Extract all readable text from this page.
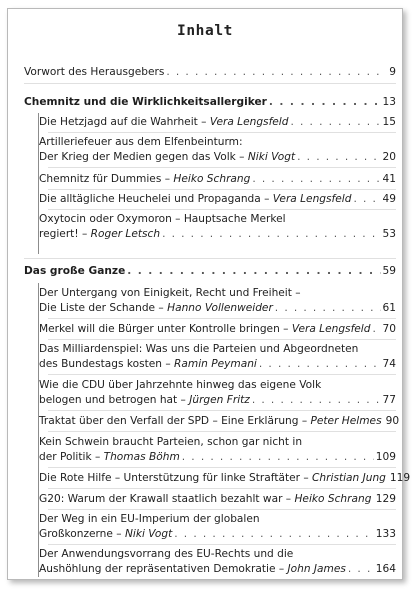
Inhalt
Vorwort des Herausgebers . . .	9
Chemnitz und die Wirklichkeitsallergiker . . .	13
Die Hetzjagd auf die Wahrheit – Vera Lengsfeld . . .	15
Artilleriefeuer aus dem Elfenbeinturm:
Der Krieg der Medien gegen das Volk – Niki Vogt . . .	20
Chemnitz für Dummies – Heiko Schrang . . .	41
Die alltägliche Heuchelei und Propaganda – Vera Lengsfeld . . .	49
Oxytocin oder Oxymoron – Hauptsache Merkel
regiert! – Roger Letsch . . .	53
Das große Ganze . . .	59
Der Untergang von Einigkeit, Recht und Freiheit –
Die Liste der Schande – Hanno Vollenweider . . .	61
Merkel will die Bürger unter Kontrolle bringen – Vera Lengsfeld . . . 70
Das Milliardenspiel: Was uns die Parteien und Abgeordneten
des Bundestags kosten – Ramin Peymani . . .	74
Wie die CDU über Jahrzehnte hinweg das eigene Volk
belogen und betrogen hat – Jürgen Fritz . . .	77
Traktat über den Verfall der SPD – Eine Erklärung – Peter Helmes 90
Kein Schwein braucht Parteien, schon gar nicht in
der Politik – Thomas Böhm . . .	109
Die Rote Hilfe – Unterstützung für linke Straftäter – Christian Jung 119
G20: Warum der Krawall staatlich bezahlt war – Heiko Schrang . . . 129
Der Weg in ein EU-Imperium der globalen
Großkonzerne – Niki Vogt . . .	133
Der Anwendungsvorrang des EU-Rechts und die
Aushöhlung der repräsentativen Demokratie – John James . . .	164
